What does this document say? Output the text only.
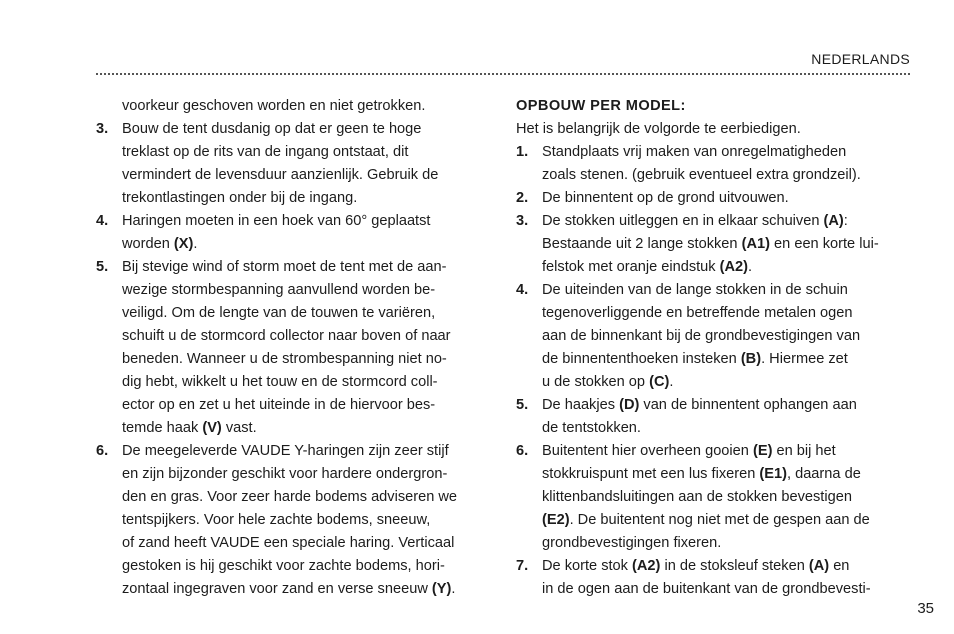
NEDERLANDS
voorkeur geschoven worden en niet getrokken.
3. Bouw de tent dusdanig op dat er geen te hoge
treklast op de rits van de ingang ontstaat, dit
vermindert de levensduur aanzienlijk. Gebruik de
trekontlastingen onder bij de ingang.
4. Haringen moeten in een hoek van 60° geplaatst
worden (X).
5. Bij stevige wind of storm moet de tent met de aan-
wezige stormbespanning aanvullend worden be-
veiligd. Om de lengte van de touwen te variëren,
schuift u de stormcord collector naar boven of naar
beneden. Wanneer u de strombespanning niet no-
dig hebt, wikkelt u het touw en de stormcord coll-
ector op en zet u het uiteinde in de hiervoor bes-
temde haak (V) vast.
6. De meegeleverde VAUDE Y-haringen zijn zeer stijf
en zijn bijzonder geschikt voor hardere ondergron-
den en gras. Voor zeer harde bodems adviseren we
tentspijkers. Voor hele zachte bodems, sneeuw,
of zand heeft VAUDE een speciale haring. Verticaal
gestoken is hij geschikt voor zachte bodems, hori-
zontaal ingegraven voor zand en verse sneeuw (Y).
OPBOUW PER MODEL:
Het is belangrijk de volgorde te eerbiedigen.
1. Standplaats vrij maken van onregelmatigheden
zoals stenen. (gebruik eventueel extra grondzeil).
2. De binnentent op de grond uitvouwen.
3. De stokken uitleggen en in elkaar schuiven (A):
Bestaande uit 2 lange stokken (A1) en een korte lui-
felstok met oranje eindstuk (A2).
4. De uiteinden van de lange stokken in de schuin
tegenoverliggende en betreffende metalen ogen
aan de binnenkant bij de grondbevestigingen van
de binnententhoeken insteken (B). Hiermee zet
u de stokken op (C).
5. De haakjes (D) van de binnentent ophangen aan
de tentstokken.
6. Buitentent hier overheen gooien (E) en bij het
stokkruispunt met een lus fixeren (E1), daarna de
klittenbandsluitingen aan de stokken bevestigen
(E2). De buitentent nog niet met de gespen aan de
grondbevestigingen fixeren.
7. De korte stok (A2) in de stoksleuf steken (A) en
in de ogen aan de buitenkant van de grondbevesti-
35
